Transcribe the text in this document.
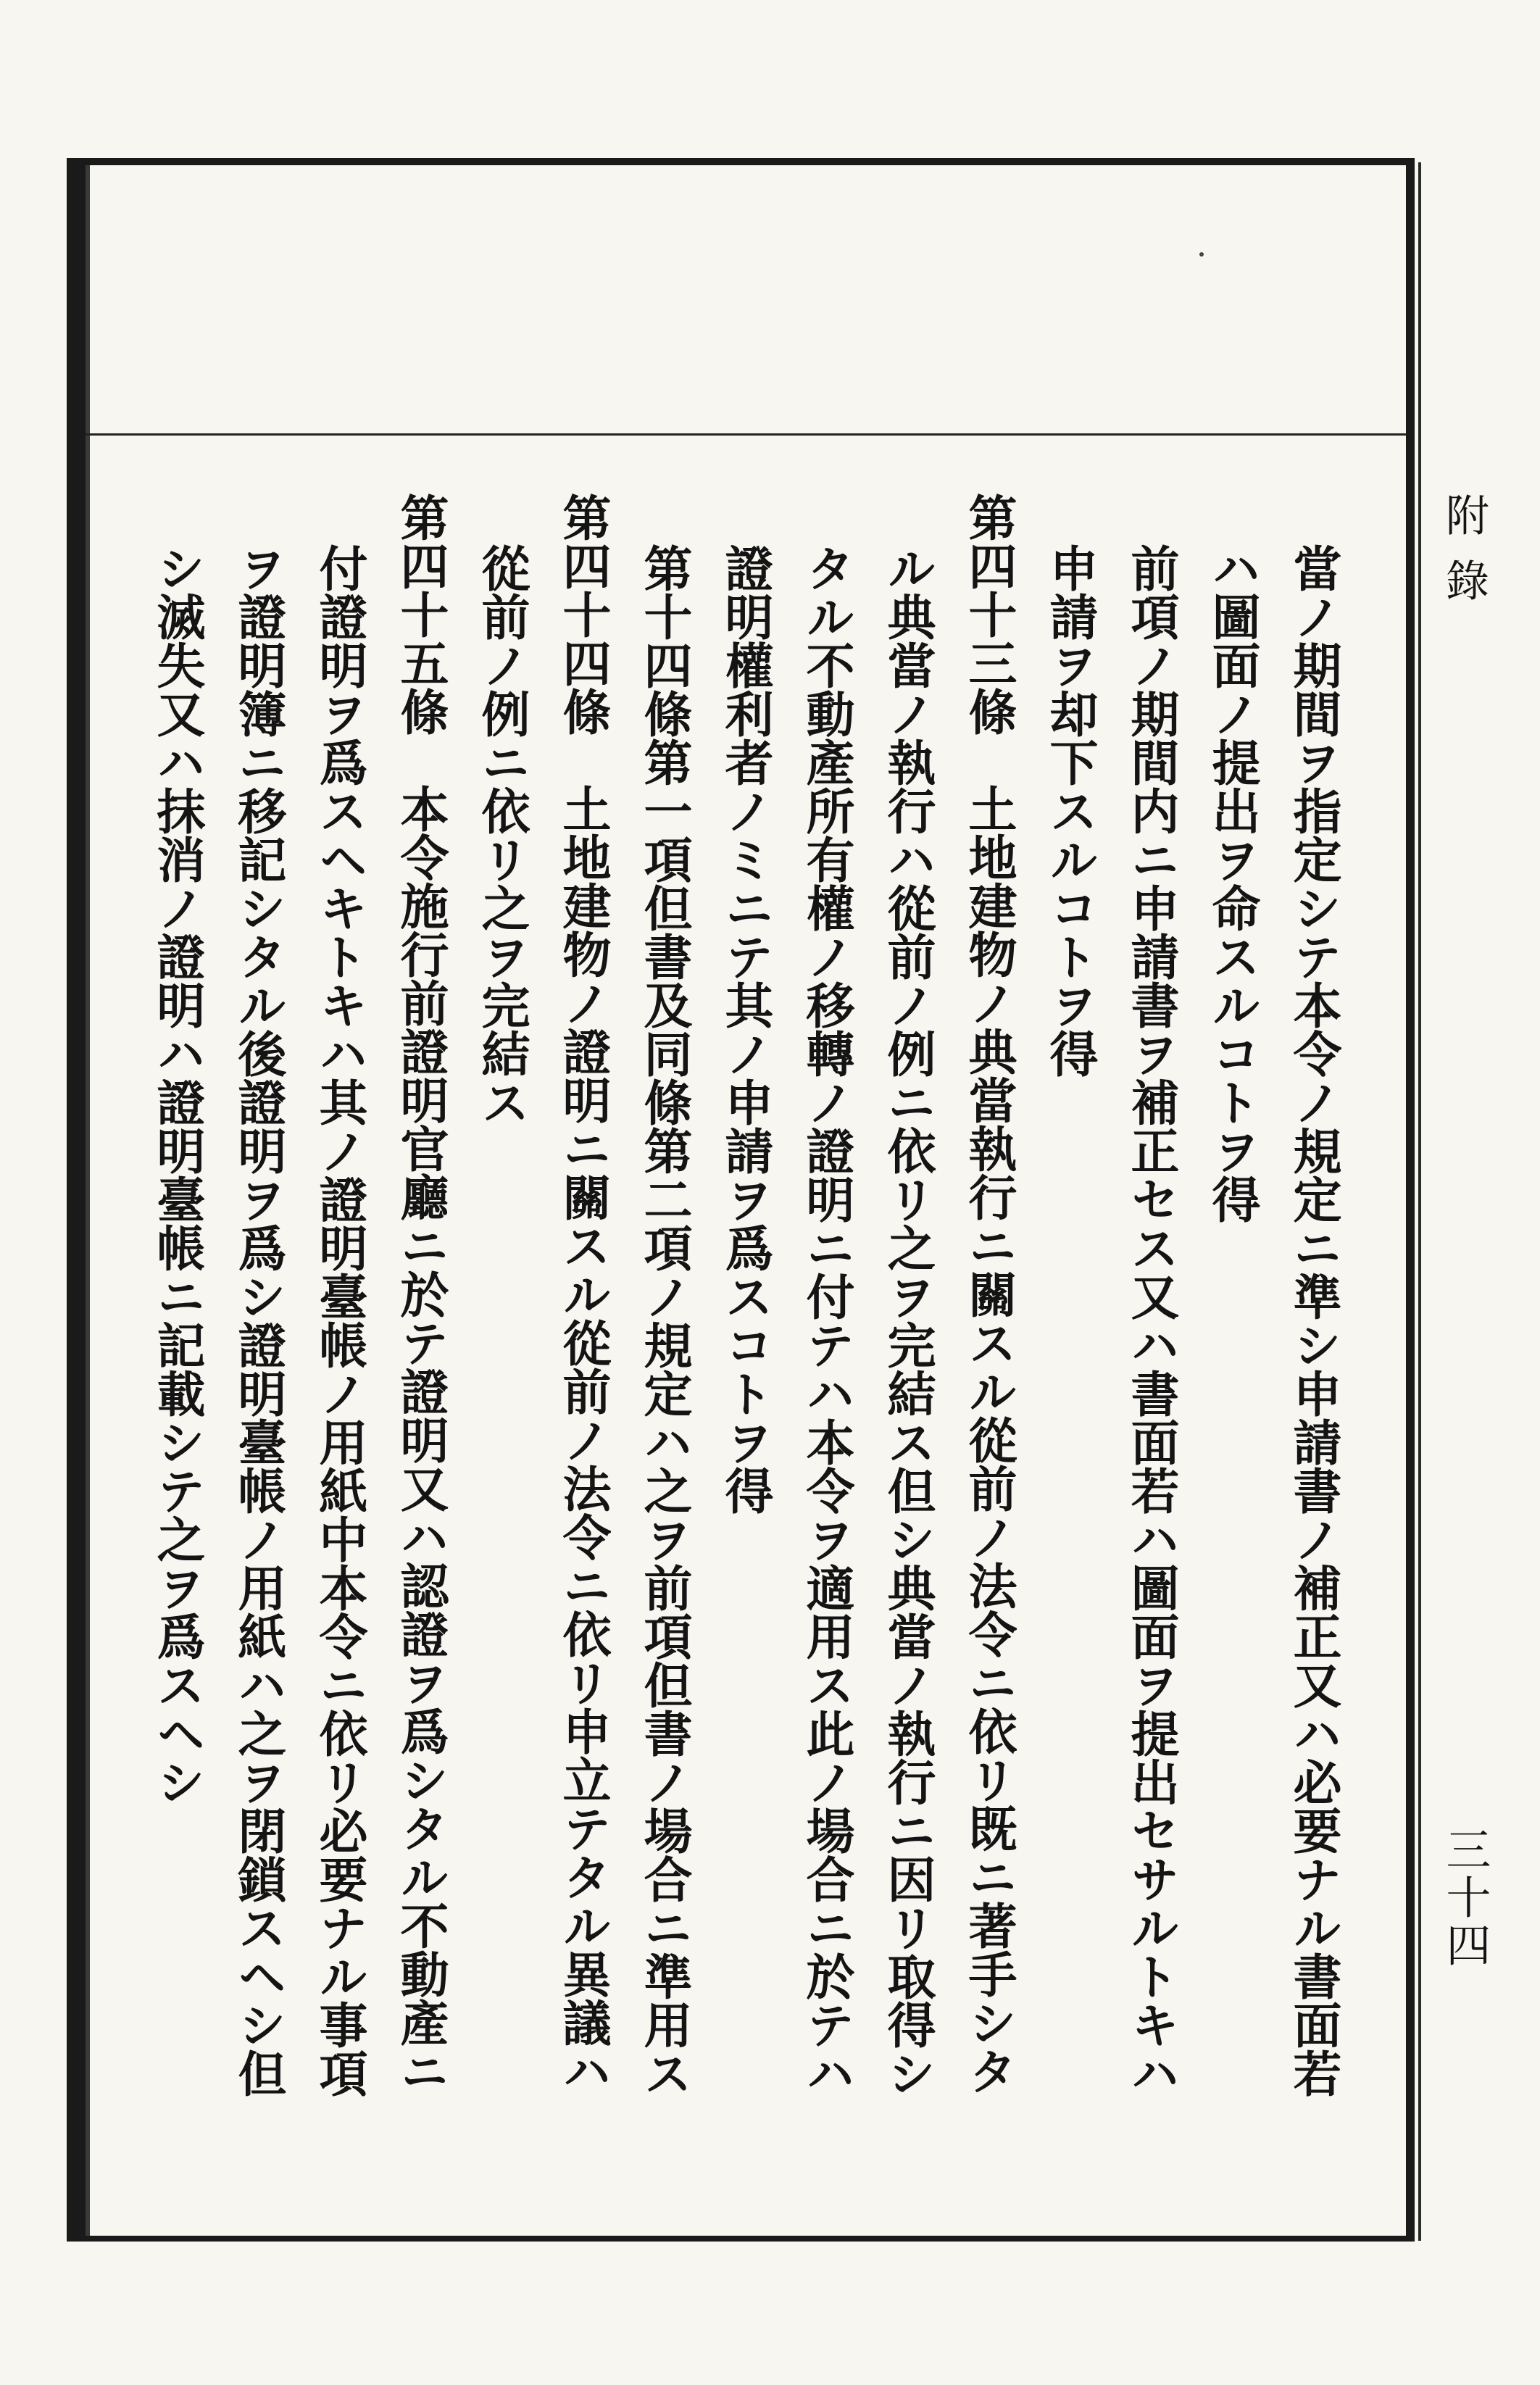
附錄
三十四
當ノ期間ヲ指定シテ本令ノ規定ニ準シ申請書ノ補正又ハ必要ナル書面若
ハ圖面ノ提出ヲ命スルコトヲ得
前項ノ期間内ニ申請書ヲ補正セス又ハ書面若ハ圖面ヲ提出セサルトキハ
申請ヲ却下スルコトヲ得
第四十三條　土地建物ノ典當執行ニ關スル從前ノ法令ニ依リ既ニ著手シタ
ル典當ノ執行ハ從前ノ例ニ依リ之ヲ完結ス但シ典當ノ執行ニ因リ取得シ
タル不動產所有權ノ移轉ノ證明ニ付テハ本令ヲ適用ス此ノ場合ニ於テハ
證明權利者ノミニテ其ノ申請ヲ爲スコトヲ得
第十四條第一項但書及同條第二項ノ規定ハ之ヲ前項但書ノ場合ニ準用ス
第四十四條　土地建物ノ證明ニ關スル從前ノ法令ニ依リ申立テタル異議ハ
從前ノ例ニ依リ之ヲ完結ス
第四十五條　本令施行前證明官廳ニ於テ證明又ハ認證ヲ爲シタル不動產ニ
付證明ヲ爲スヘキトキハ其ノ證明臺帳ノ用紙中本令ニ依リ必要ナル事項
ヲ證明簿ニ移記シタル後證明ヲ爲シ證明臺帳ノ用紙ハ之ヲ閉鎖スヘシ但
シ滅失又ハ抹消ノ證明ハ證明臺帳ニ記載シテ之ヲ爲スヘシ
